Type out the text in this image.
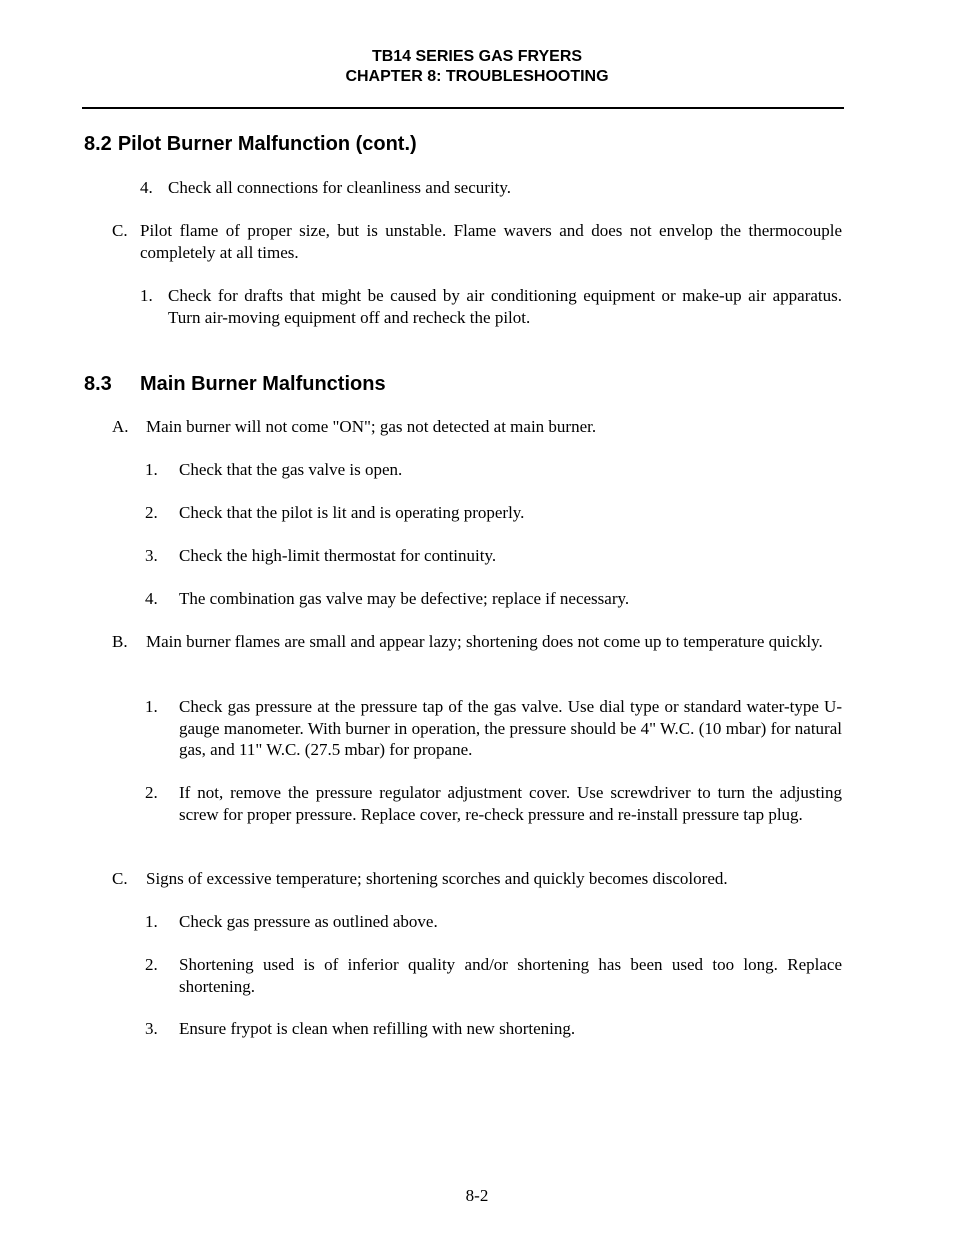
TB14 SERIES GAS FRYERS
CHAPTER 8: TROUBLESHOOTING
8.2 Pilot Burner Malfunction (cont.)
4. Check all connections for cleanliness and security.
C. Pilot flame of proper size, but is unstable. Flame wavers and does not envelop the thermocouple completely at all times.
1. Check for drafts that might be caused by air conditioning equipment or make-up air apparatus. Turn air-moving equipment off and recheck the pilot.
8.3 Main Burner Malfunctions
A.	Main burner will not come "ON"; gas not detected at main burner.
1.	Check that the gas valve is open.
2.	Check that the pilot is lit and is operating properly.
3.	Check the high-limit thermostat for continuity.
4.	The combination gas valve may be defective; replace if necessary.
B.	Main burner flames are small and appear lazy; shortening does not come up to temperature quickly.
1.	Check gas pressure at the pressure tap of the gas valve. Use dial type or standard water-type U-gauge manometer. With burner in operation, the pressure should be 4" W.C. (10 mbar) for natural gas, and 11" W.C. (27.5 mbar) for propane.
2.	If not, remove the pressure regulator adjustment cover. Use screwdriver to turn the adjusting screw for proper pressure. Replace cover, re-check pressure and re-install pressure tap plug.
C.	Signs of excessive temperature; shortening scorches and quickly becomes discolored.
1.	Check gas pressure as outlined above.
2.	Shortening used is of inferior quality and/or shortening has been used too long. Replace shortening.
3.	Ensure frypot is clean when refilling with new shortening.
8-2
